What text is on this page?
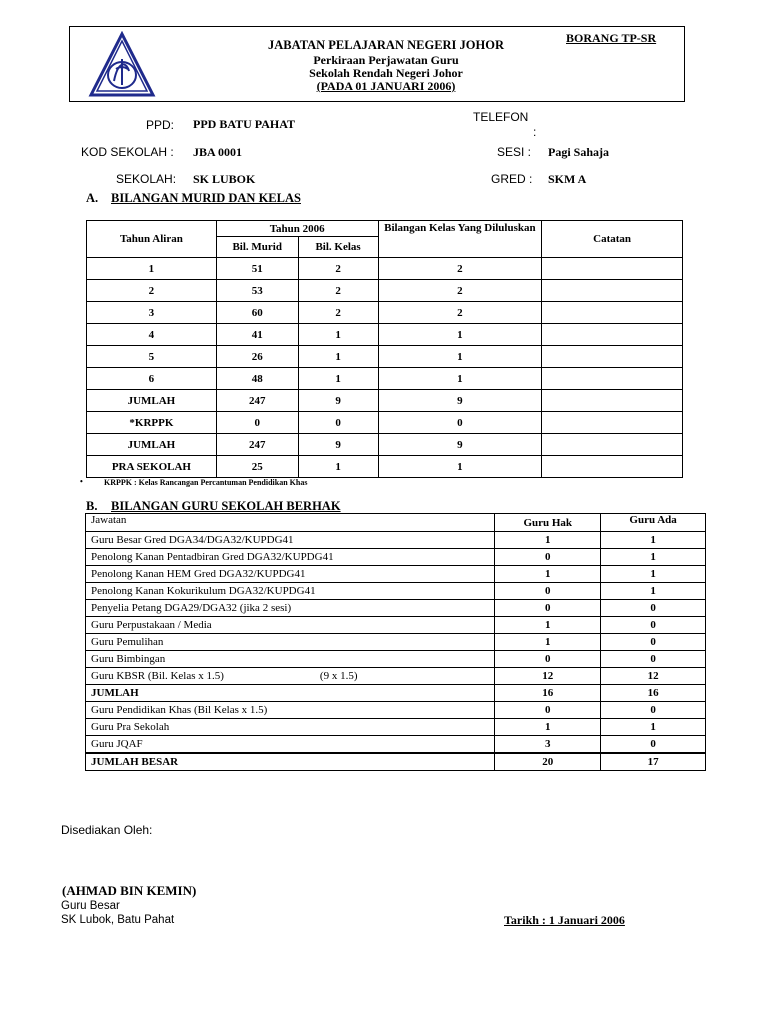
BORANG TP-SR
JABATAN PELAJARAN NEGERI JOHOR
Perkiraan Perjawatan Guru
Sekolah Rendah Negeri Johor
(PADA 01 JANUARI 2006)
PPD: PPD BATU PAHAT	TELEFON
:
KOD SEKOLAH : JBA 0001	SESI : Pagi Sahaja
SEKOLAH: SK LUBOK	GRED : SKM A
A. BILANGAN MURID DAN KELAS
Tahun Aliran	Tahun 2006		Bilangan Kelas Yang Diluluskan	Catatan
	Bil. Murid	Bil. Kelas		
1	51	2	2	
2	53	2	2	
3	60	2	2	
4	41	1	1	
5	26	1	1	
6	48	1	1	
JUMLAH	247	9	9	
*KRPPK	0	0	0	
JUMLAH	247	9	9	
PRA SEKOLAH	25	1	1	
•	KRPPK : Kelas Rancangan Percantuman Pendidikan Khas
B. BILANGAN GURU SEKOLAH BERHAK
Jawatan	Guru Hak	Guru Ada
Guru Besar Gred DGA34/DGA32/KUPDG41	1	1
Penolong Kanan Pentadbiran Gred DGA32/KUPDG41	0	1
Penolong Kanan HEM Gred DGA32/KUPDG41	1	1
Penolong Kanan Kokurikulum DGA32/KUPDG41	0	1
Penyelia Petang DGA29/DGA32 (jika 2 sesi)	0	0
Guru Perpustakaan / Media	1	0
Guru Pemulihan	1	0
Guru Bimbingan	0	0
Guru KBSR (Bil. Kelas x 1.5) (9 x 1.5)	12	12
JUMLAH	16	16
Guru Pendidikan Khas (Bil Kelas x 1.5)	0	0
Guru Pra Sekolah	1	1
Guru JQAF	3	0
JUMLAH BESAR	20	17
Disediakan Oleh:
(AHMAD BIN KEMIN)
Guru Besar
SK Lubok, Batu Pahat	Tarikh : 1 Januari 2006
